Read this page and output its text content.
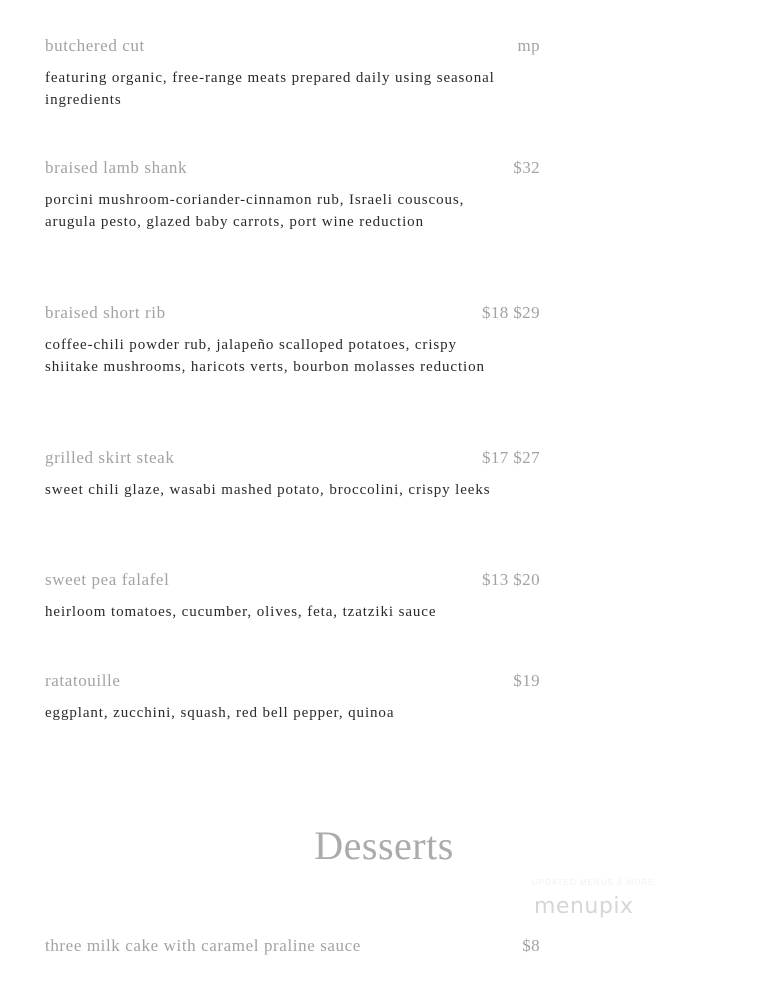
butchered cut	mp
featuring organic, free-range meats prepared daily using seasonal ingredients
braised lamb shank	$32
porcini mushroom-coriander-cinnamon rub, Israeli couscous, arugula pesto, glazed baby carrots, port wine reduction
braised short rib	$18 $29
coffee-chili powder rub, jalapeño scalloped potatoes, crispy shiitake mushrooms, haricots verts, bourbon molasses reduction
grilled skirt steak	$17 $27
sweet chili glaze, wasabi mashed potato, broccolini, crispy leeks
sweet pea falafel	$13 $20
heirloom tomatoes, cucumber, olives, feta, tzatziki sauce
ratatouille	$19
eggplant, zucchini, squash, red bell pepper, quinoa
Desserts
UPDATED MENUS & MORE
menupix
three milk cake with caramel praline sauce	$8
